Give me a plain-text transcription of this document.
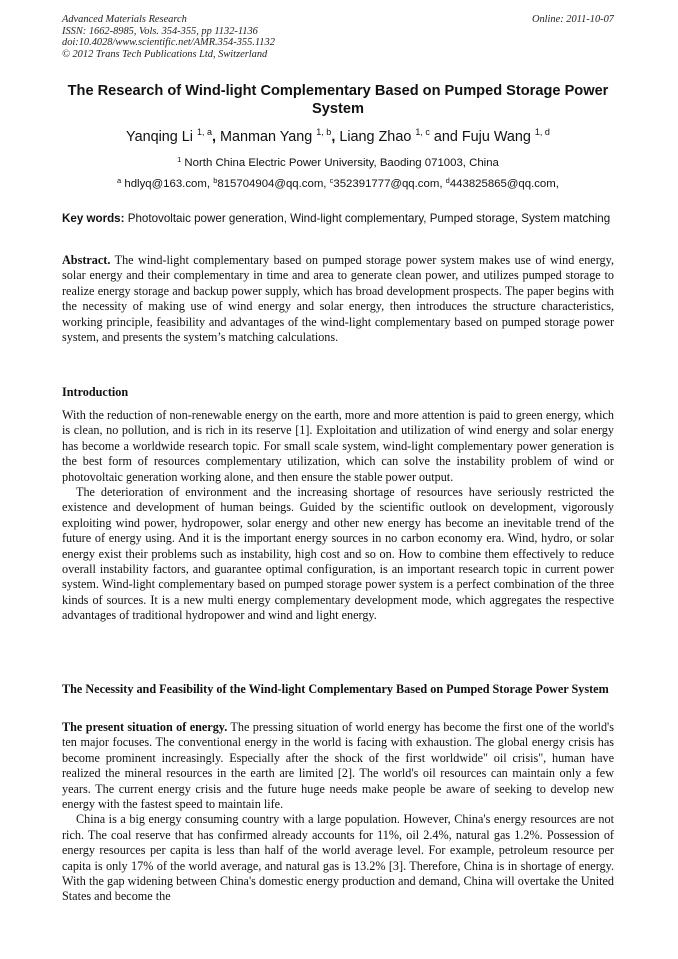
Advanced Materials Research
ISSN: 1662-8985, Vols. 354-355, pp 1132-1136
doi:10.4028/www.scientific.net/AMR.354-355.1132
© 2012 Trans Tech Publications Ltd, Switzerland
Online: 2011-10-07
The Research of Wind-light Complementary Based on Pumped Storage Power System
Yanqing Li $^{1, a}$, Manman Yang $^{1, b}$, Liang Zhao $^{1, c}$ and Fuju Wang $^{1, d}$
$^1$ North China Electric Power University, Baoding 071003, China
$^a$ hdlyq@163.com, $^b$815704904@qq.com, $^c$352391777@qq.com, $^d$443825865@qq.com,
Key words: Photovoltaic power generation, Wind-light complementary, Pumped storage, System matching

Abstract. The wind-light complementary based on pumped storage power system makes use of wind energy, solar energy and their complementary in time and area to generate clean power, and utilizes pumped storage to realize energy storage and backup power supply, which has broad development prospects. The paper begins with the necessity of making use of wind energy and solar energy, then introduces the structure characteristics, working principle, feasibility and advantages of the wind-light complementary based on pumped storage power system, and presents the system’s matching calculations.

Introduction

With the reduction of non-renewable energy on the earth, more and more attention is paid to green energy, which is clean, no pollution, and is rich in its reserve [1]. Exploitation and utilization of wind energy and solar energy has become a worldwide research topic. For small scale system, wind-light complementary power generation is the best form of resources complementary utilization, which can solve the instability problem of wind or photovoltaic generation working alone, and then ensure the stable power output.

The deterioration of environment and the increasing shortage of resources have seriously restricted the existence and development of human beings. Guided by the scientific outlook on development, vigorously exploiting wind power, hydropower, solar energy and other new energy has become an inevitable trend of the future of energy using. And it is the important energy sources in no carbon economy era. Wind, hydro, or solar energy exist their problems such as instability, high cost and so on. How to combine them effectively to reduce overall instability factors, and guarantee optimal configuration, is an important research topic in current power system. Wind-light complementary based on pumped storage power system is a perfect combination of the three kinds of sources. It is a new multi energy complementary development mode, which aggregates the respective advantages of traditional hydropower and wind and light energy.

The Necessity and Feasibility of the Wind-light Complementary Based on Pumped Storage Power System

The present situation of energy. The pressing situation of world energy has become the first one of the world's ten major focuses. The conventional energy in the world is facing with exhaustion. The global energy crisis has become prominent increasingly. Especially after the shock of the first worldwide" oil crisis", human have realized the mineral resources in the earth are limited [2]. The world's oil resources can maintain only a few years. The current energy crisis and the future huge needs make people be aware of seeking to develop new energy with the fastest speed to maintain life.

China is a big energy consuming country with a large population. However, China's energy resources are not rich. The coal reserve that has confirmed already accounts for 11%, oil 2.4%, natural gas 1.2%. Possession of energy resources per capita is less than half of the world average level. For example, petroleum resource per capita is only 17% of the world average, and natural gas is 13.2% [3]. Therefore, China is in shortage of energy. With the gap widening between China's domestic energy production and demand, China will overtake the United States and become the
